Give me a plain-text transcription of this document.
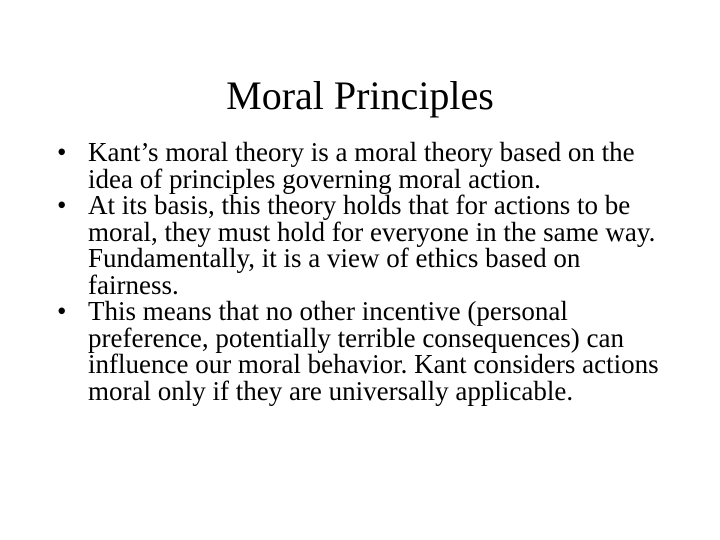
Moral Principles
• Kant’s moral theory is a moral theory based on the idea of principles governing moral action.
• At its basis, this theory holds that for actions to be moral, they must hold for everyone in the same way. Fundamentally, it is a view of ethics based on fairness.
• This means that no other incentive (personal preference, potentially terrible consequences) can influence our moral behavior. Kant considers actions moral only if they are universally applicable.
